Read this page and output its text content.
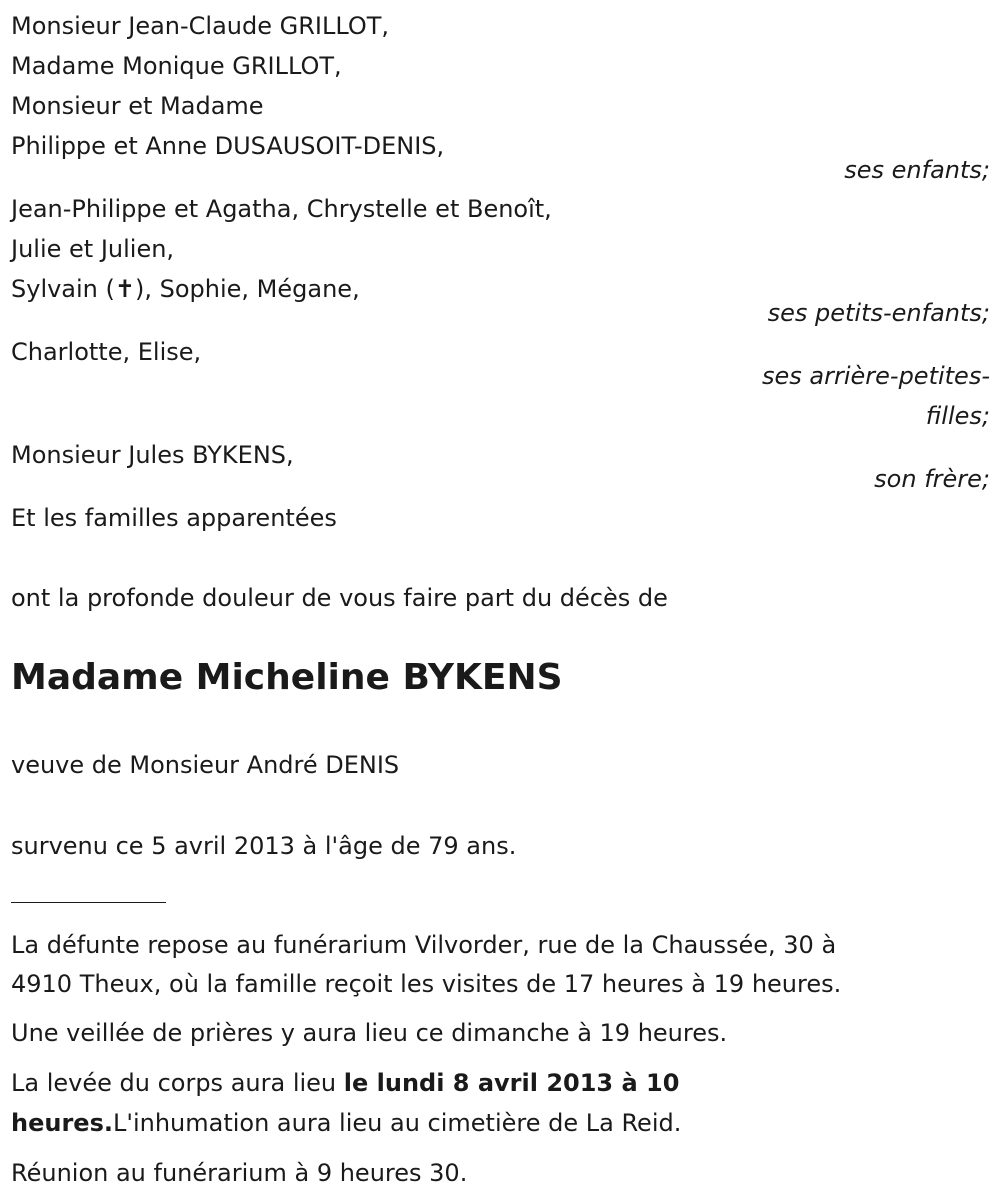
Monsieur Jean-Claude GRILLOT,
Madame Monique GRILLOT,
Monsieur et Madame
Philippe et Anne DUSAUSOIT-DENIS,
ses enfants;
Jean-Philippe et Agatha, Chrystelle et Benoît,
Julie et Julien,
Sylvain (✝), Sophie, Mégane,
ses petits-enfants;
Charlotte, Elise,
ses arrière-petites-
filles;
Monsieur Jules BYKENS,
son frère;
Et les familles apparentées
ont la profonde douleur de vous faire part du décès de
Madame Micheline BYKENS
veuve de Monsieur André DENIS
survenu ce 5 avril 2013 à l'âge de 79 ans.
La défunte repose au funérarium Vilvorder, rue de la Chaussée, 30 à
4910 Theux, où la famille reçoit les visites de 17 heures à 19 heures.
Une veillée de prières y aura lieu ce dimanche à 19 heures.
La levée du corps aura lieu le lundi 8 avril 2013 à 10
heures.L'inhumation aura lieu au cimetière de La Reid.
Réunion au funérarium à 9 heures 30.
